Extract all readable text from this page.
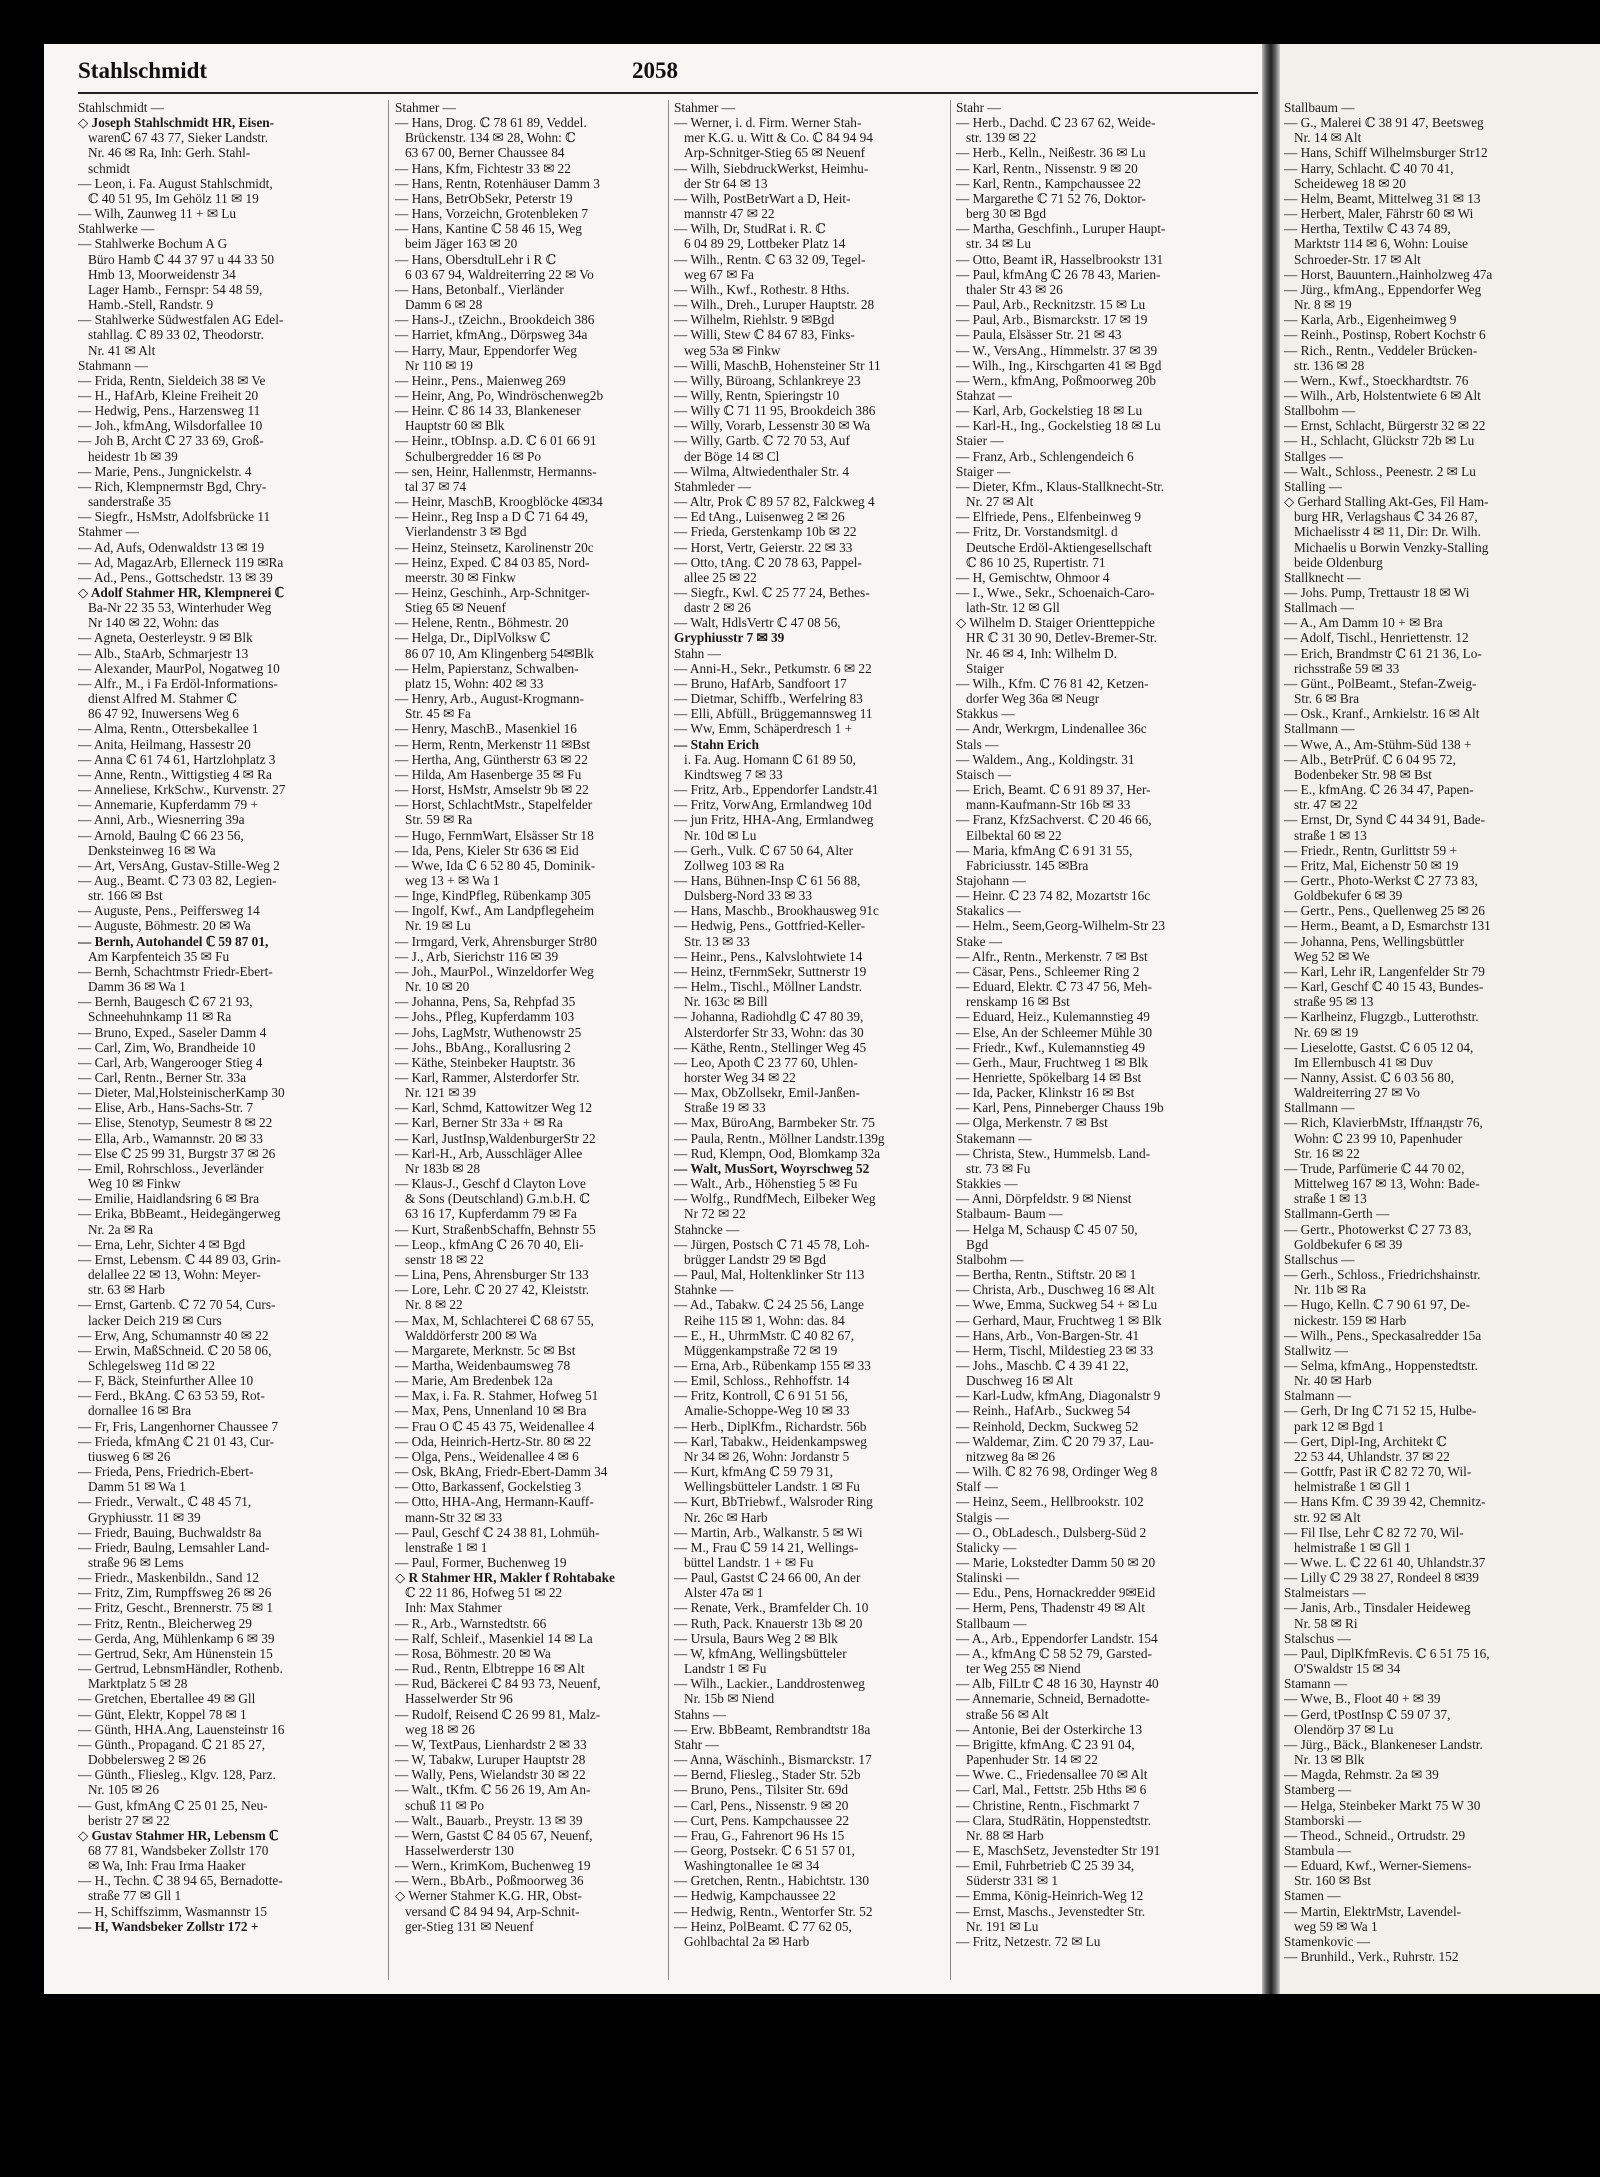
Stahlschmidt	2058
Stahlschmidt —
◇ Joseph Stahlschmidt HR, Eisen-
warenℂ 67 43 77, Sieker Landstr.
Nr. 46 ✉ Ra, Inh: Gerh. Stahl-
schmidt
— Leon, i. Fa. August Stahlschmidt,
ℂ 40 51 95, Im Gehölz 11 ✉ 19
— Wilh, Zaunweg 11 + ✉ Lu
Stahlwerke —
— Stahlwerke Bochum A G
Büro Hamb ℂ 44 37 97 u 44 33 50
Hmb 13, Moorweidenstr 34
Lager Hamb., Fernspr: 54 48 59,
Hamb.-Stell, Randstr. 9
— Stahlwerke Südwestfalen AG Edel-
stahllag. ℂ 89 33 02, Theodorstr.
Nr. 41 ✉ Alt
Stahmann —
— Frida, Rentn, Sieldeich 38 ✉ Ve
— H., HafArb, Kleine Freiheit 20
— Hedwig, Pens., Harzensweg 11
— Joh., kfmAng, Wilsdorfallee 10
— Joh B, Archt ℂ 27 33 69, Groß-
heidestr 1b ✉ 39
— Marie, Pens., Jungnickelstr. 4
— Rich, Klempnermstr Bgd, Chry-
sanderstraße 35
— Siegfr., HsMstr, Adolfsbrücke 11
Stahmer —
— Ad, Aufs, Odenwaldstr 13 ✉ 19
— Ad, MagazArb, Ellerneck 119 ✉Ra
— Ad., Pens., Gottschedstr. 13 ✉ 39
◇ Adolf Stahmer HR, Klempnerei ℂ
Ba-Nr 22 35 53, Winterhuder Weg
Nr 140 ✉ 22, Wohn: das
— Agneta, Oesterleystr. 9 ✉ Blk
— Alb., StaArb, Schmarjestr 13
— Alexander, MaurPol, Nogatweg 10
— Alfr., M., i Fa Erdöl-Informations-
dienst Alfred M. Stahmer ℂ
86 47 92, Inuwersens Weg 6
— Alma, Rentn., Ottersbekallee 1
— Anita, Heilmang, Hassestr 20
— Anna ℂ 61 74 61, Hartzlohplatz 3
— Anne, Rentn., Wittigstieg 4 ✉ Ra
— Anneliese, KrkSchw., Kurvenstr. 27
— Annemarie, Kupferdamm 79 +
— Anni, Arb., Wiesnerring 39a
— Arnold, Baulng ℂ 66 23 56,
Denksteinweg 16 ✉ Wa
— Art, VersAng, Gustav-Stille-Weg 2
— Aug., Beamt. ℂ 73 03 82, Legien-
str. 166 ✉ Bst
— Auguste, Pens., Peiffersweg 14
— Auguste, Böhmestr. 20 ✉ Wa
— Bernh, Autohandel ℂ 59 87 01,
Am Karpfenteich 35 ✉ Fu
— Bernh, Schachtmstr Friedr-Ebert-
Damm 36 ✉ Wa 1
— Bernh, Baugesch ℂ 67 21 93,
Schneehuhnkamp 11 ✉ Ra
— Bruno, Exped., Saseler Damm 4
— Carl, Zim, Wo, Brandheide 10
— Carl, Arb, Wangerooger Stieg 4
— Carl, Rentn., Berner Str. 33a
— Dieter, Mal,HolsteinischerKamp 30
— Elise, Arb., Hans-Sachs-Str. 7
— Elise, Stenotyp, Seumestr 8 ✉ 22
— Ella, Arb., Wamannstr. 20 ✉ 33
— Else ℂ 25 99 31, Burgstr 37 ✉ 26
— Emil, Rohrschloss., Jeverländer
Weg 10 ✉ Finkw
— Emilie, Haidlandsring 6 ✉ Bra
— Erika, BbBeamt., Heidegängerweg
Nr. 2a ✉ Ra
— Erna, Lehr, Sichter 4 ✉ Bgd
— Ernst, Lebensm. ℂ 44 89 03, Grin-
delallee 22 ✉ 13, Wohn: Meyer-
str. 63 ✉ Harb
— Ernst, Gartenb. ℂ 72 70 54, Curs-
lacker Deich 219 ✉ Curs
— Erw, Ang, Schumannstr 40 ✉ 22
— Erwin, MaßSchneid. ℂ 20 58 06,
Schlegelsweg 11d ✉ 22
— F, Bäck, Steinfurther Allee 10
— Ferd., BkAng. ℂ 63 53 59, Rot-
dornallee 16 ✉ Bra
— Fr, Fris, Langenhorner Chaussee 7
— Frieda, kfmAng ℂ 21 01 43, Cur-
tiusweg 6 ✉ 26
— Frieda, Pens, Friedrich-Ebert-
Damm 51 ✉ Wa 1
— Friedr., Verwalt., ℂ 48 45 71,
Gryphiusstr. 11 ✉ 39
— Friedr, Bauing, Buchwaldstr 8a
— Friedr, Baulng, Lemsahler Land-
straße 96 ✉ Lems
— Friedr., Maskenbildn., Sand 12
— Fritz, Zim, Rumpffsweg 26 ✉ 26
— Fritz, Gescht., Brennerstr. 75 ✉ 1
— Fritz, Rentn., Bleicherweg 29
— Gerda, Ang, Mühlenkamp 6 ✉ 39
— Gertrud, Sekr, Am Hünenstein 15
— Gertrud, LebnsmHändler, Rothenb.
Marktplatz 5 ✉ 28
— Gretchen, Ebertallee 49 ✉ Gll
— Günt, Elektr, Koppel 78 ✉ 1
— Günth, HHA.Ang, Lauensteinstr 16
— Günth., Propagand. ℂ 21 85 27,
Dobbelersweg 2 ✉ 26
— Günth., Fliesleg., Klgv. 128, Parz.
Nr. 105 ✉ 26
— Gust, kfmAng ℂ 25 01 25, Neu-
beristr 27 ✉ 22
◇ Gustav Stahmer HR, Lebensm ℂ
68 77 81, Wandsbeker Zollstr 170
✉ Wa, Inh: Frau Irma Haaker
— H., Techn. ℂ 38 94 65, Bernadotte-
straße 77 ✉ Gll 1
— H, Schiffszimm, Wasmannstr 15
— H, Wandsbeker Zollstr 172 +
Stahmer —
— Hans, Drog. ℂ 78 61 89, Veddel.
Brückenstr. 134 ✉ 28, Wohn: ℂ
63 67 00, Berner Chaussee 84
— Hans, Kfm, Fichtestr 33 ✉ 22
— Hans, Rentn, Rotenhäuser Damm 3
— Hans, BetrObSekr, Peterstr 19
— Hans, Vorzeichn, Grotenbleken 7
— Hans, Kantine ℂ 58 46 15, Weg
beim Jäger 163 ✉ 20
— Hans, ObersdtulLehr i R ℂ
6 03 67 94, Waldreiterring 22 ✉ Vo
— Hans, Betonbalf., Vierländer
Damm 6 ✉ 28
— Hans-J., tZeichn., Brookdeich 386
— Harriet, kfmAng., Dörpsweg 34a
— Harry, Maur, Eppendorfer Weg
Nr 110 ✉ 19
— Heinr., Pens., Maienweg 269
— Heinr, Ang, Po, Windröschenweg2b
— Heinr. ℂ 86 14 33, Blankeneser
Hauptstr 60 ✉ Blk
— Heinr., tObInsp. a.D. ℂ 6 01 66 91
Schulbergredder 16 ✉ Po
— sen, Heinr, Hallenmstr, Hermanns-
tal 37 ✉ 74
— Heinr, MaschB, Kroogblöcke 4✉34
— Heinr., Reg Insp a D ℂ 71 64 49,
Vierlandenstr 3 ✉ Bgd
— Heinz, Steinsetz, Karolinenstr 20c
— Heinz, Exped. ℂ 84 03 85, Nord-
meerstr. 30 ✉ Finkw
— Heinz, Geschinh., Arp-Schnitger-
Stieg 65 ✉ Neuenf
— Helene, Rentn., Böhmestr. 20
— Helga, Dr., DiplVolksw ℂ
86 07 10, Am Klingenberg 54✉Blk
— Helm, Papierstanz, Schwalben-
platz 15, Wohn: 402 ✉ 33
— Henry, Arb., August-Krogmann-
Str. 45 ✉ Fa
— Henry, MaschB., Masenkiel 16
— Herm, Rentn, Merkenstr 11 ✉Bst
— Hertha, Ang, Güntherstr 63 ✉ 22
— Hilda, Am Hasenberge 35 ✉ Fu
— Horst, HsMstr, Amselstr 9b ✉ 22
— Horst, SchlachtMstr., Stapelfelder
Str. 59 ✉ Ra
— Hugo, FernmWart, Elsässer Str 18
— Ida, Pens, Kieler Str 636 ✉ Eid
— Wwe, Ida ℂ 6 52 80 45, Dominik-
weg 13 + ✉ Wa 1
— Inge, KindPfleg, Rübenkamp 305
— Ingolf, Kwf., Am Landpflegeheim
Nr. 19 ✉ Lu
— Irmgard, Verk, Ahrensburger Str80
— J., Arb, Sierichstr 116 ✉ 39
— Joh., MaurPol., Winzeldorfer Weg
Nr. 10 ✉ 20
— Johanna, Pens, Sa, Rehpfad 35
— Johs., Pfleg, Kupferdamm 103
— Johs, LagMstr, Wuthenowstr 25
— Johs., BbAng., Korallusring 2
— Käthe, Steinbeker Hauptstr. 36
— Karl, Rammer, Alsterdorfer Str.
Nr. 121 ✉ 39
— Karl, Schmd, Kattowitzer Weg 12
— Karl, Berner Str 33a + ✉ Ra
— Karl, JustInsp,WaldenburgerStr 22
— Karl-H., Arb, Ausschläger Allee
Nr 183b ✉ 28
— Klaus-J., Geschf d Clayton Love
& Sons (Deutschland) G.m.b.H. ℂ
63 16 17, Kupferdamm 79 ✉ Fa
— Kurt, StraßenbSchaffn, Behnstr 55
— Leop., kfmAng ℂ 26 70 40, Eli-
senstr 18 ✉ 22
— Lina, Pens, Ahrensburger Str 133
— Lore, Lehr. ℂ 20 27 42, Kleiststr.
Nr. 8 ✉ 22
— Max, M, Schlachterei ℂ 68 67 55,
Walddörferstr 200 ✉ Wa
— Margarete, Merknstr. 5c ✉ Bst
— Martha, Weidenbaumsweg 78
— Marie, Am Bredenbek 12a
— Max, i. Fa. R. Stahmer, Hofweg 51
— Max, Pens, Unnenland 10 ✉ Bra
— Frau O ℂ 45 43 75, Weidenallee 4
— Oda, Heinrich-Hertz-Str. 80 ✉ 22
— Olga, Pens., Weidenallee 4 ✉ 6
— Osk, BkAng, Friedr-Ebert-Damm 34
— Otto, Barkassenf, Gockelstieg 3
— Otto, HHA-Ang, Hermann-Kauff-
mann-Str 32 ✉ 33
— Paul, Geschf ℂ 24 38 81, Lohmüh-
lenstraße 1 ✉ 1
— Paul, Former, Buchenweg 19
◇ R Stahmer HR, Makler f Rohtabake
ℂ 22 11 86, Hofweg 51 ✉ 22
Inh: Max Stahmer
— R., Arb., Warnstedtstr. 66
— Ralf, Schleif., Masenkiel 14 ✉ La
— Rosa, Böhmestr. 20 ✉ Wa
— Rud., Rentn, Elbtreppe 16 ✉ Alt
— Rud, Bäckerei ℂ 84 93 73, Neuenf,
Hasselwerder Str 96
— Rudolf, Reisend ℂ 26 99 81, Malz-
weg 18 ✉ 26
— W, TextPaus, Lienhardstr 2 ✉ 33
— W, Tabakw, Luruper Hauptstr 28
— Wally, Pens, Wielandstr 30 ✉ 22
— Walt., tKfm. ℂ 56 26 19, Am An-
schuß 11 ✉ Po
— Walt., Bauarb., Preystr. 13 ✉ 39
— Wern, Gastst ℂ 84 05 67, Neuenf,
Hasselwerderstr 130
— Wern., KrimKom, Buchenweg 19
— Wern., BbArb., Poßmoorweg 36
◇ Werner Stahmer K.G. HR, Obst-
versand ℂ 84 94 94, Arp-Schnit-
ger-Stieg 131 ✉ Neuenf
Stahmer —
— Werner, i. d. Firm. Werner Stah-
mer K.G. u. Witt & Co. ℂ 84 94 94
Arp-Schnitger-Stieg 65 ✉ Neuenf
— Wilh, SiebdruckWerkst, Heimhu-
der Str 64 ✉ 13
— Wilh, PostBetrWart a D, Heit-
mannstr 47 ✉ 22
— Wilh, Dr, StudRat i. R. ℂ
6 04 89 29, Lottbeker Platz 14
— Wilh., Rentn. ℂ 63 32 09, Tegel-
weg 67 ✉ Fa
— Wilh., Kwf., Rothestr. 8 Hths.
— Wilh., Dreh., Luruper Hauptstr. 28
— Wilhelm, Riehlstr. 9 ✉Bgd
— Willi, Stew ℂ 84 67 83, Finks-
weg 53a ✉ Finkw
— Willi, MaschB, Hohensteiner Str 11
— Willy, Büroang, Schlankreye 23
— Willy, Rentn, Spieringstr 10
— Willy ℂ 71 11 95, Brookdeich 386
— Willy, Vorarb, Lessenstr 30 ✉ Wa
— Willy, Gartb. ℂ 72 70 53, Auf
der Böge 14 ✉ Cl
— Wilma, Altwiedenthaler Str. 4
Stahmleder —
— Altr, Prok ℂ 89 57 82, Falckweg 4
— Ed tAng., Luisenweg 2 ✉ 26
— Frieda, Gerstenkamp 10b ✉ 22
— Horst, Vertr, Geierstr. 22 ✉ 33
— Otto, tAng. ℂ 20 78 63, Pappel-
allee 25 ✉ 22
— Siegfr., Kwl. ℂ 25 77 24, Bethes-
dastr 2 ✉ 26
— Walt, HdlsVertr ℂ 47 08 56,
Gryphiusstr 7 ✉ 39
Stahn —
— Anni-H., Sekr., Petkumstr. 6 ✉ 22
— Bruno, HafArb, Sandfoort 17
— Dietmar, Schiffb., Werfelring 83
— Elli, Abfüll., Brüggemannsweg 11
— Ww, Emm, Schäperdresch 1 +
— Stahn Erich
i. Fa. Aug. Homann ℂ 61 89 50,
Kindtsweg 7 ✉ 33
— Fritz, Arb., Eppendorfer Landstr.41
— Fritz, VorwAng, Ermlandweg 10d
— jun Fritz, HHA-Ang, Ermlandweg
Nr. 10d ✉ Lu
— Gerh., Vulk. ℂ 67 50 64, Alter
Zollweg 103 ✉ Ra
— Hans, Bühnen-Insp ℂ 61 56 88,
Dulsberg-Nord 33 ✉ 33
— Hans, Maschb., Brookhausweg 91c
— Hedwig, Pens., Gottfried-Keller-
Str. 13 ✉ 33
— Heinr., Pens., Kalvslohtwiete 14
— Heinz, tFernmSekr, Suttnerstr 19
— Helm., Tischl., Möllner Landstr.
Nr. 163c ✉ Bill
— Johanna, Radiohdlg ℂ 47 80 39,
Alsterdorfer Str 33, Wohn: das 30
— Käthe, Rentn., Stellinger Weg 45
— Leo, Apoth ℂ 23 77 60, Uhlen-
horster Weg 34 ✉ 22
— Max, ObZollsekr, Emil-Janßen-
Straße 19 ✉ 33
— Max, BüroAng, Barmbeker Str. 75
— Paula, Rentn., Möllner Landstr.139g
— Rud, Klempn, Ood, Blomkamp 32a
— Walt, MusSort, Woyrschweg 52
— Walt., Arb., Höhenstieg 5 ✉ Fu
— Wolfg., RundfMech, Eilbeker Weg
Nr 72 ✉ 22
Stahncke —
— Jürgen, Postsch ℂ 71 45 78, Loh-
brügger Landstr 29 ✉ Bgd
— Paul, Mal, Holtenklinker Str 113
Stahnke —
— Ad., Tabakw. ℂ 24 25 56, Lange
Reihe 115 ✉ 1, Wohn: das. 84
— E., H., UhrmMstr. ℂ 40 82 67,
Müggenkampstraße 72 ✉ 19
— Erna, Arb., Rübenkamp 155 ✉ 33
— Emil, Schloss., Rehhoffstr. 14
— Fritz, Kontroll, ℂ 6 91 51 56,
Amalie-Schoppe-Weg 10 ✉ 33
— Herb., DiplKfm., Richardstr. 56b
— Karl, Tabakw., Heidenkampsweg
Nr 34 ✉ 26, Wohn: Jordanstr 5
— Kurt, kfmAng ℂ 59 79 31,
Wellingsbütteler Landstr. 1 ✉ Fu
— Kurt, BbTriebwf., Walsroder Ring
Nr. 26c ✉ Harb
— Martin, Arb., Walkanstr. 5 ✉ Wi
— M., Frau ℂ 59 14 21, Wellings-
büttel Landstr. 1 + ✉ Fu
— Paul, Gastst ℂ 24 66 00, An der
Alster 47a ✉ 1
— Renate, Verk., Bramfelder Ch. 10
— Ruth, Pack. Knauerstr 13b ✉ 20
— Ursula, Baurs Weg 2 ✉ Blk
— W, kfmAng, Wellingsbütteler
Landstr 1 ✉ Fu
— Wilh., Lackier., Landdrostenweg
Nr. 15b ✉ Niend
Stahns —
— Erw. BbBeamt, Rembrandtstr 18a
Stahr —
— Anna, Wäschinh., Bismarckstr. 17
— Bernd, Fliesleg., Stader Str. 52b
— Bruno, Pens., Tilsiter Str. 69d
— Carl, Pens., Nissenstr. 9 ✉ 20
— Curt, Pens. Kampchaussee 22
— Frau, G., Fahrenort 96 Hs 15
— Georg, Postsekr. ℂ 6 51 57 01,
Washingtonallee 1e ✉ 34
— Gretchen, Rentn., Habichtstr. 130
— Hedwig, Kampchaussee 22
— Hedwig, Rentn., Wentorfer Str. 52
— Heinz, PolBeamt. ℂ 77 62 05,
Gohlbachtal 2a ✉ Harb
Stahr —
— Herb., Dachd. ℂ 23 67 62, Weide-
str. 139 ✉ 22
— Herb., Kelln., Neißestr. 36 ✉ Lu
— Karl, Rentn., Nissenstr. 9 ✉ 20
— Karl, Rentn., Kampchaussee 22
— Margarethe ℂ 71 52 76, Doktor-
berg 30 ✉ Bgd
— Martha, Geschfinh., Luruper Haupt-
str. 34 ✉ Lu
— Otto, Beamt iR, Hasselbrookstr 131
— Paul, kfmAng ℂ 26 78 43, Marien-
thaler Str 43 ✉ 26
— Paul, Arb., Recknitzstr. 15 ✉ Lu
— Paul, Arb., Bismarckstr. 17 ✉ 19
— Paula, Elsässer Str. 21 ✉ 43
— W., VersAng., Himmelstr. 37 ✉ 39
— Wilh., Ing., Kirschgarten 41 ✉ Bgd
— Wern., kfmAng, Poßmoorweg 20b
Stahzat —
— Karl, Arb, Gockelstieg 18 ✉ Lu
— Karl-H., Ing., Gockelstieg 18 ✉ Lu
Staier —
— Franz, Arb., Schlengendeich 6
Staiger —
— Dieter, Kfm., Klaus-Stallknecht-Str.
Nr. 27 ✉ Alt
— Elfriede, Pens., Elfenbeinweg 9
— Fritz, Dr. Vorstandsmitgl. d
Deutsche Erdöl-Aktiengesellschaft
ℂ 86 10 25, Rupertistr. 71
— H, Gemischtw, Ohmoor 4
— I., Wwe., Sekr., Schoenaich-Caro-
lath-Str. 12 ✉ Gll
◇ Wilhelm D. Staiger Orientteppiche
HR ℂ 31 30 90, Detlev-Bremer-Str.
Nr. 46 ✉ 4, Inh: Wilhelm D.
Staiger
— Wilh., Kfm. ℂ 76 81 42, Ketzen-
dorfer Weg 36a ✉ Neugr
Stakkus —
— Andr, Werkrgm, Lindenallee 36c
Stals —
— Waldem., Ang., Koldingstr. 31
Staisch —
— Erich, Beamt. ℂ 6 91 89 37, Her-
mann-Kaufmann-Str 16b ✉ 33
— Franz, KfzSachverst. ℂ 20 46 66,
Eilbektal 60 ✉ 22
— Maria, kfmAng ℂ 6 91 31 55,
Fabriciusstr. 145 ✉Bra
Stajohann —
— Heinr. ℂ 23 74 82, Mozartstr 16c
Stakalics —
— Helm., Seem,Georg-Wilhelm-Str 23
Stake —
— Alfr., Rentn., Merkenstr. 7 ✉ Bst
— Cäsar, Pens., Schleemer Ring 2
— Eduard, Elektr. ℂ 73 47 56, Meh-
renskamp 16 ✉ Bst
— Eduard, Heiz., Kulemannstieg 49
— Else, An der Schleemer Mühle 30
— Friedr., Kwf., Kulemannstieg 49
— Gerh., Maur, Fruchtweg 1 ✉ Blk
— Henriette, Spökelbarg 14 ✉ Bst
— Ida, Packer, Klinkstr 16 ✉ Bst
— Karl, Pens, Pinneberger Chauss 19b
— Olga, Merkenstr. 7 ✉ Bst
Stakemann —
— Christa, Stew., Hummelsb. Land-
str. 73 ✉ Fu
Stakkies —
— Anni, Dörpfeldstr. 9 ✉ Nienst
Stalbaum- Baum —
— Helga M, Schausp ℂ 45 07 50,
Bgd
Stalbohm —
— Bertha, Rentn., Stiftstr. 20 ✉ 1
— Christa, Arb., Duschweg 16 ✉ Alt
— Wwe, Emma, Suckweg 54 + ✉ Lu
— Gerhard, Maur, Fruchtweg 1 ✉ Blk
— Hans, Arb., Von-Bargen-Str. 41
— Herm, Tischl, Mildestieg 23 ✉ 33
— Johs., Maschb. ℂ 4 39 41 22,
Duschweg 16 ✉ Alt
— Karl-Ludw, kfmAng, Diagonalstr 9
— Reinh., HafArb., Suckweg 54
— Reinhold, Deckm, Suckweg 52
— Waldemar, Zim. ℂ 20 79 37, Lau-
nitzweg 8a ✉ 26
— Wilh. ℂ 82 76 98, Ordinger Weg 8
Stalf —
— Heinz, Seem., Hellbrookstr. 102
Stalgis —
— O., ObLadesch., Dulsberg-Süd 2
Stalicky —
— Marie, Lokstedter Damm 50 ✉ 20
Stalinski —
— Edu., Pens, Hornackredder 9✉Eid
— Herm, Pens, Thadenstr 49 ✉ Alt
Stallbaum —
— A., Arb., Eppendorfer Landstr. 154
— A., kfmAng ℂ 58 52 79, Garsted-
ter Weg 255 ✉ Niend
— Alb, FilLtr ℂ 48 16 30, Haynstr 40
— Annemarie, Schneid, Bernadotte-
straße 56 ✉ Alt
— Antonie, Bei der Osterkirche 13
— Brigitte, kfmAng. ℂ 23 91 04,
Papenhuder Str. 14 ✉ 22
— Wwe. C., Friedensallee 70 ✉ Alt
— Carl, Mal., Fettstr. 25b Hths ✉ 6
— Christine, Rentn., Fischmarkt 7
— Clara, StudRätin, Hoppenstedtstr.
Nr. 88 ✉ Harb
— E, MaschSetz, Jevenstedter Str 191
— Emil, Fuhrbetrieb ℂ 25 39 34,
Süderstr 331 ✉ 1
— Emma, König-Heinrich-Weg 12
— Ernst, Maschs., Jevenstedter Str.
Nr. 191 ✉ Lu
— Fritz, Netzestr. 72 ✉ Lu
Stallbaum —
— G., Malerei ℂ 38 91 47, Beetsweg
Nr. 14 ✉ Alt
— Hans, Schiff Wilhelmsburger Str12
— Harry, Schlacht. ℂ 40 70 41,
Scheideweg 18 ✉ 20
— Helm, Beamt, Mittelweg 31 ✉ 13
— Herbert, Maler, Fährstr 60 ✉ Wi
— Hertha, Textilw ℂ 43 74 89,
Marktstr 114 ✉ 6, Wohn: Louise
Schroeder-Str. 17 ✉ Alt
— Horst, Bauuntern.,Hainholzweg 47a
— Jürg., kfmAng., Eppendorfer Weg
Nr. 8 ✉ 19
— Karla, Arb., Eigenheimweg 9
— Reinh., Postinsp, Robert Kochstr 6
— Rich., Rentn., Veddeler Brücken-
str. 136 ✉ 28
— Wern., Kwf., Stoeckhardtstr. 76
— Wilh., Arb, Holstentwiete 6 ✉ Alt
Stallbohm —
— Ernst, Schlacht, Bürgerstr 32 ✉ 22
— H., Schlacht, Glückstr 72b ✉ Lu
Stallges —
— Walt., Schloss., Peenestr. 2 ✉ Lu
Stalling —
◇ Gerhard Stalling Akt-Ges, Fil Ham-
burg HR, Verlagshaus ℂ 34 26 87,
Michaelisstr 4 ✉ 11, Dir: Dr. Wilh.
Michaelis u Borwin Venzky-Stalling
beide Oldenburg
Stallknecht —
— Johs. Pump, Trettaustr 18 ✉ Wi
Stallmach —
— A., Am Damm 10 + ✉ Bra
— Adolf, Tischl., Henriettenstr. 12
— Erich, Brandmstr ℂ 61 21 36, Lo-
richsstraße 59 ✉ 33
— Günt., PolBeamt., Stefan-Zweig-
Str. 6 ✉ Bra
— Osk., Kranf., Arnkielstr. 16 ✉ Alt
Stallmann —
— Wwe, A., Am-Stühm-Süd 138 +
— Alb., BetrPrüf. ℂ 6 04 95 72,
Bodenbeker Str. 98 ✉ Bst
— E., kfmAng. ℂ 26 34 47, Papen-
str. 47 ✉ 22
— Ernst, Dr, Synd ℂ 44 34 91, Bade-
straße 1 ✉ 13
— Friedr., Rentn, Gurlittstr 59 +
— Fritz, Mal, Eichenstr 50 ✉ 19
— Gertr., Photo-Werkst ℂ 27 73 83,
Goldbekufer 6 ✉ 39
— Gertr., Pens., Quellenweg 25 ✉ 26
— Herm., Beamt, a D, Esmarchstr 131
— Johanna, Pens, Wellingsbüttler
Weg 52 ✉ We
— Karl, Lehr iR, Langenfelder Str 79
— Karl, Geschf ℂ 40 15 43, Bundes-
straße 95 ✉ 13
— Karlheinz, Flugzgb., Lutterothstr.
Nr. 69 ✉ 19
— Lieselotte, Gastst. ℂ 6 05 12 04,
Im Ellernbusch 41 ✉ Duv
— Nanny, Assist. ℂ 6 03 56 80,
Waldreiterring 27 ✉ Vo
Stallmann —
— Rich, KlavierbMstr, Iffландstr 76,
Wohn: ℂ 23 99 10, Papenhuder
Str. 16 ✉ 22
— Trude, Parfümerie ℂ 44 70 02,
Mittelweg 167 ✉ 13, Wohn: Bade-
straße 1 ✉ 13
Stallmann-Gerth —
— Gertr., Photowerkst ℂ 27 73 83,
Goldbekufer 6 ✉ 39
Stallschus —
— Gerh., Schloss., Friedrichshainstr.
Nr. 11b ✉ Ra
— Hugo, Kelln. ℂ 7 90 61 97, De-
nickestr. 159 ✉ Harb
— Wilh., Pens., Speckasalredder 15a
Stallwitz —
— Selma, kfmAng., Hoppenstedtstr.
Nr. 40 ✉ Harb
Stalmann —
— Gerh, Dr Ing ℂ 71 52 15, Hulbe-
park 12 ✉ Bgd 1
— Gert, Dipl-Ing, Architekt ℂ
22 53 44, Uhlandstr. 37 ✉ 22
— Gottfr, Past iR ℂ 82 72 70, Wil-
helmistraße 1 ✉ Gll 1
— Hans Kfm. ℂ 39 39 42, Chemnitz-
str. 92 ✉ Alt
— Fil Ilse, Lehr ℂ 82 72 70, Wil-
helmistraße 1 ✉ Gll 1
— Wwe. L. ℂ 22 61 40, Uhlandstr.37
— Lilly ℂ 29 38 27, Rondeel 8 ✉39
Stalmeistars —
— Janis, Arb., Tinsdaler Heideweg
Nr. 58 ✉ Ri
Stalschus —
— Paul, DiplKfmRevis. ℂ 6 51 75 16,
O'Swaldstr 15 ✉ 34
Stamann —
— Wwe, B., Floot 40 + ✉ 39
— Gerd, tPostInsp ℂ 59 07 37,
Olendörp 37 ✉ Lu
— Jürg., Bäck., Blankeneser Landstr.
Nr. 13 ✉ Blk
— Magda, Rehmstr. 2a ✉ 39
Stamberg —
— Helga, Steinbeker Markt 75 W 30
Stamborski —
— Theod., Schneid., Ortrudstr. 29
Stambula —
— Eduard, Kwf., Werner-Siemens-
Str. 160 ✉ Bst
Stamen —
— Martin, ElektrMstr, Lavendel-
weg 59 ✉ Wa 1
Stamenkovic —
— Brunhild., Verk., Ruhrstr. 152
